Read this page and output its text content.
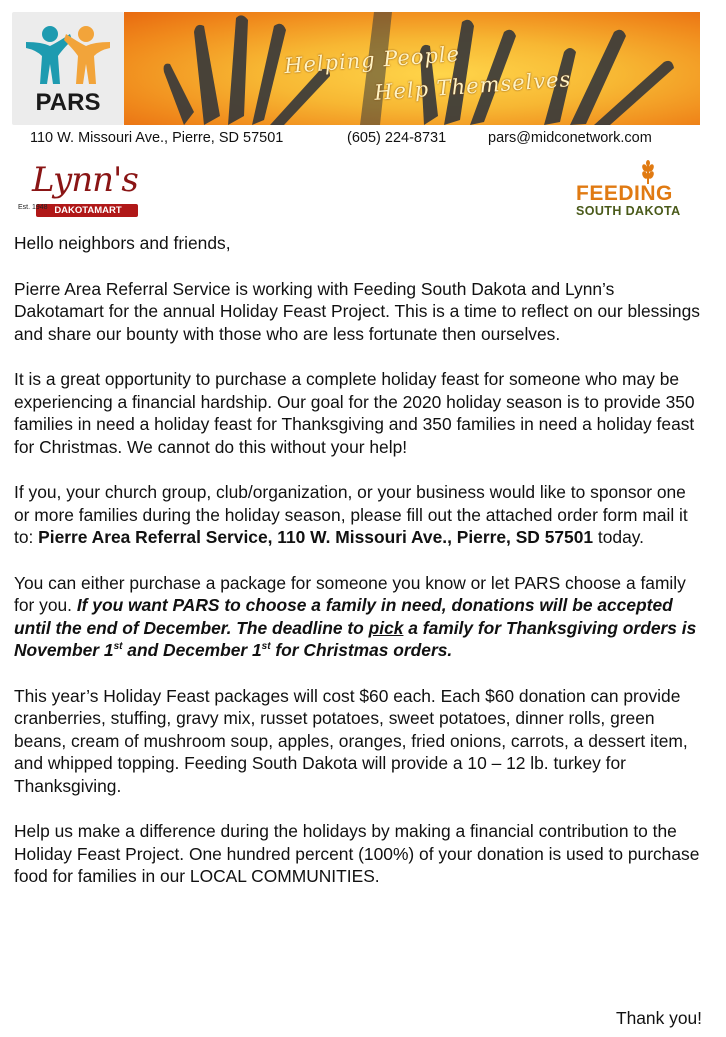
PARS
Helping People
Help Themselves
110 W. Missouri Ave., Pierre, SD 57501	(605) 224-8731	pars@midconetwork.com
Lynn's
Est. 1948 DAKOTAMART
FEEDING
SOUTH DAKOTA

Hello neighbors and friends,

Pierre Area Referral Service is working with Feeding South Dakota and Lynn’s Dakotamart for the annual Holiday Feast Project. This is a time to reflect on our blessings and share our bounty with those who are less fortunate then ourselves.

It is a great opportunity to purchase a complete holiday feast for someone who may be experiencing a financial hardship. Our goal for the 2020 holiday season is to provide 350 families in need a holiday feast for Thanksgiving and 350 families in need a holiday feast for Christmas. We cannot do this without your help!

If you, your church group, club/organization, or your business would like to sponsor one or more families during the holiday season, please fill out the attached order form mail it to: Pierre Area Referral Service, 110 W. Missouri Ave., Pierre, SD 57501 today.

You can either purchase a package for someone you know or let PARS choose a family for you. If you want PARS to choose a family in need, donations will be accepted until the end of December. The deadline to pick a family for Thanksgiving orders is November 1st and December 1st for Christmas orders.

This year’s Holiday Feast packages will cost $60 each. Each $60 donation can provide cranberries, stuffing, gravy mix, russet potatoes, sweet potatoes, dinner rolls, green beans, cream of mushroom soup, apples, oranges, fried onions, carrots, a dessert item, and whipped topping. Feeding South Dakota will provide a 10 – 12 lb. turkey for Thanksgiving.

Help us make a difference during the holidays by making a financial contribution to the Holiday Feast Project. One hundred percent (100%) of your donation is used to purchase food for families in our LOCAL COMMUNITIES.

Thank you!
